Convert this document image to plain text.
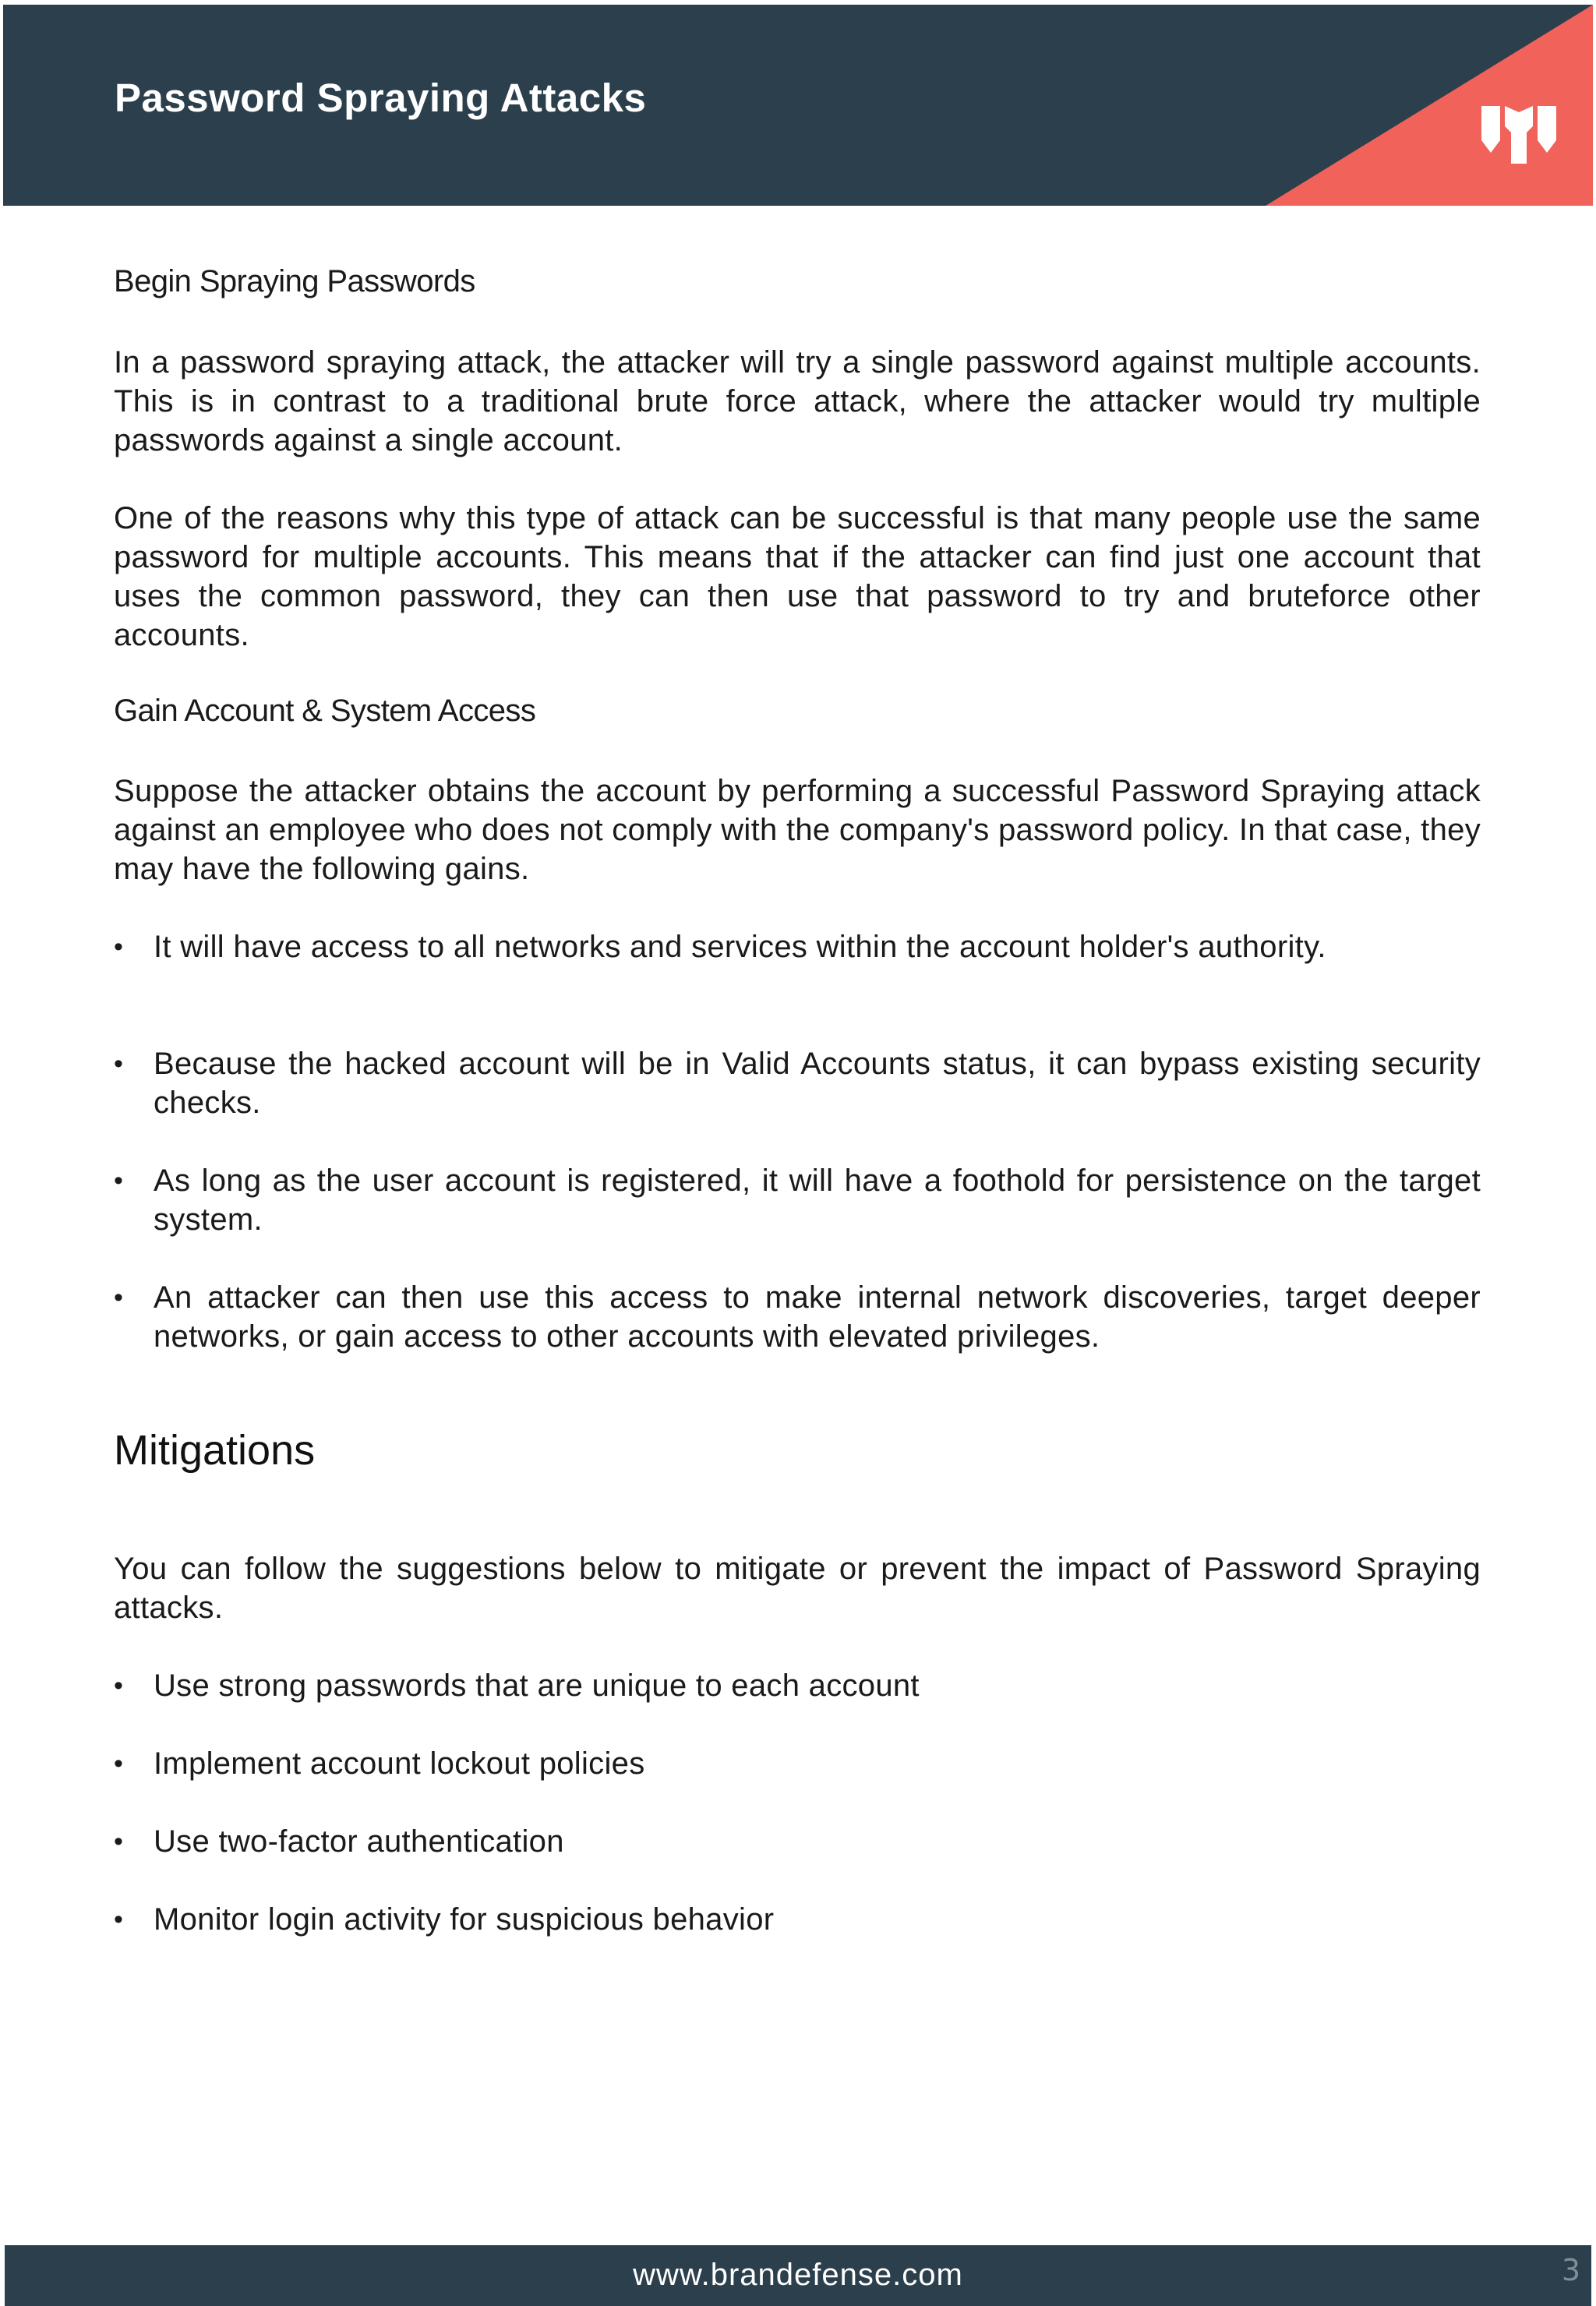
Password Spraying Attacks
Begin Spraying Passwords

In a password spraying attack, the attacker will try a single password against multiple accounts. This is in contrast to a traditional brute force attack, where the attacker would try multiple passwords against a single account.

One of the reasons why this type of attack can be successful is that many people use the same password for multiple accounts. This means that if the attacker can find just one account that uses the common password, they can then use that password to try and bruteforce other accounts.

Gain Account & System Access

Suppose the attacker obtains the account by performing a successful Password Spraying attack against an employee who does not comply with the company's password policy. In that case, they may have the following gains.

• It will have access to all networks and services within the account holder's authority.
• Because the hacked account will be in Valid Accounts status, it can bypass existing security checks.
• As long as the user account is registered, it will have a foothold for persistence on the target system.
• An attacker can then use this access to make internal network discoveries, target deeper networks, or gain access to other accounts with elevated privileges.
Mitigations

You can follow the suggestions below to mitigate or prevent the impact of Password Spraying attacks.

• Use strong passwords that are unique to each account
• Implement account lockout policies
• Use two-factor authentication
• Monitor login activity for suspicious behavior
www.brandefense.com	3
